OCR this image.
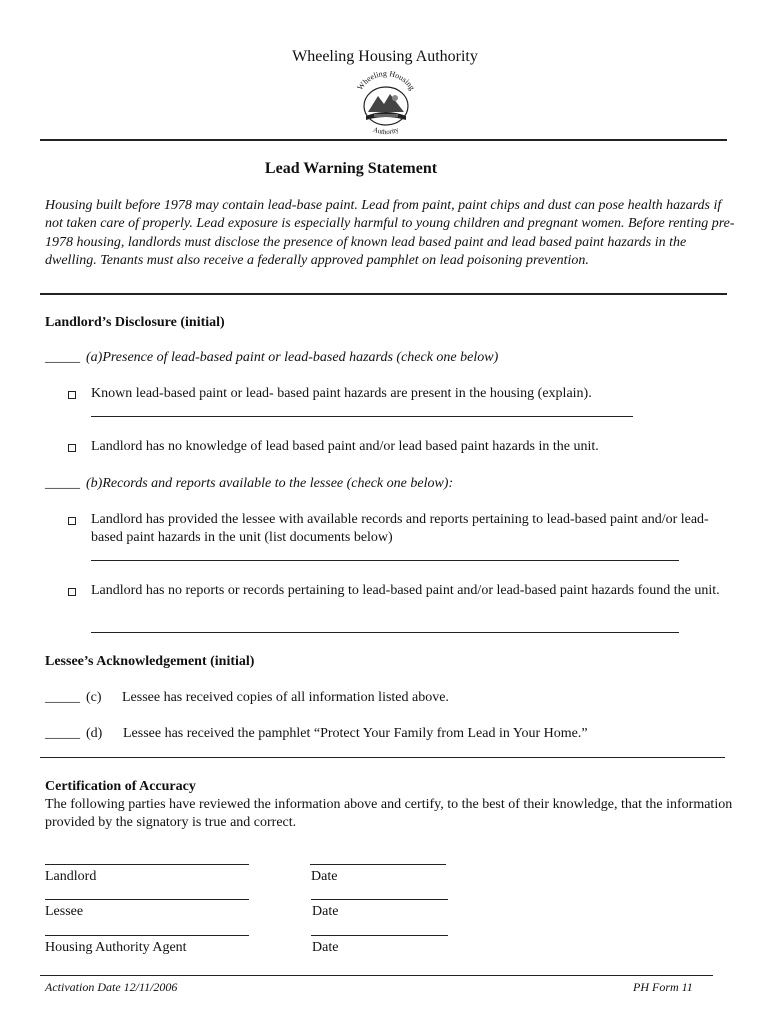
Wheeling Housing Authority
Wheeling Housing
Authority
Lead Warning Statement
Housing built before 1978 may contain lead-base paint. Lead from paint, paint chips and dust can pose health hazards if not taken care of properly. Lead exposure is especially harmful to young children and pregnant women. Before renting pre-1978 housing, landlords must disclose the presence of known lead based paint and lead based paint hazards in the dwelling. Tenants must also receive a federally approved pamphlet on lead poisoning prevention.
Landlord’s Disclosure (initial)
_____ (a)Presence of lead-based paint or lead-based hazards (check one below)
Known lead-based paint or lead- based paint hazards are present in the housing (explain).
Landlord has no knowledge of lead based paint and/or lead based paint hazards in the unit.
_____ (b)Records and reports available to the lessee (check one below):
Landlord has provided the lessee with available records and reports pertaining to lead-based paint and/or lead-based paint hazards in the unit (list documents below)
Landlord has no reports or records pertaining to lead-based paint and/or lead-based paint hazards found the unit.
Lessee’s Acknowledgement (initial)
_____ (c) Lessee has received copies of all information listed above.
_____ (d) Lessee has received the pamphlet “Protect Your Family from Lead in Your Home.”
Certification of Accuracy
The following parties have reviewed the information above and certify, to the best of their knowledge, that the information provided by the signatory is true and correct.
Landlord	Date
Lessee	Date
Housing Authority Agent	Date
Activation Date 12/11/2006	PH Form 11
